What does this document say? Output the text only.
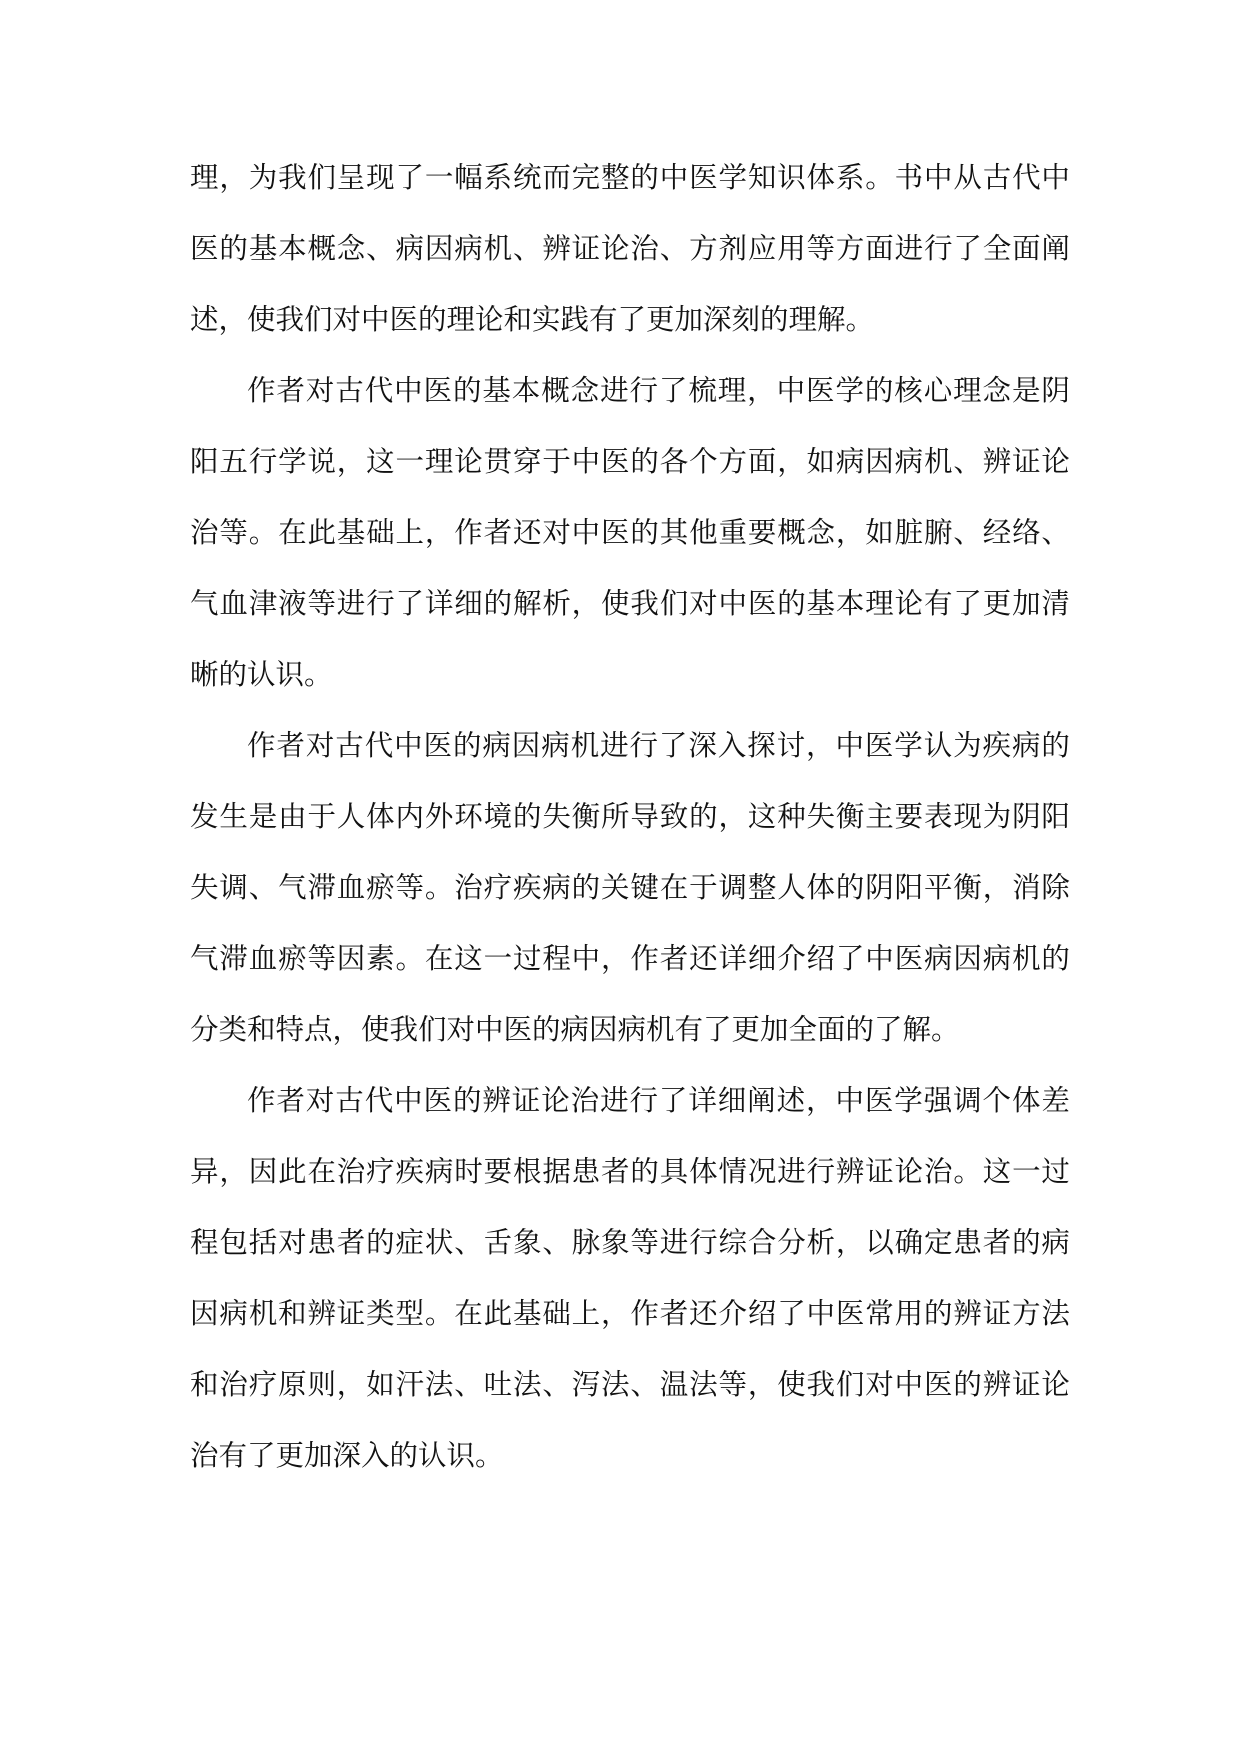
理 ， 为 我 们 呈 现 了 一 幅 系 统 而 完 整 的 中 医 学 知 识 体 系 。 书 中 从 古 代 中
医 的 基 本 概 念 、 病 因 病 机 、 辨 证 论 治 、 方 剂 应 用 等 方 面 进 行 了 全 面 阐
述，使我们对中医的理论和实践有了更加深刻的理解。
作 者 对 古 代 中 医 的 基 本 概 念 进 行 了 梳 理 ， 中 医 学 的 核 心 理 念 是 阴
阳 五 行 学 说 ， 这 一 理 论 贯 穿 于 中 医 的 各 个 方 面 ， 如 病 因 病 机 、 辨 证 论
治 等 。 在 此 基 础 上 ， 作 者 还 对 中 医 的 其 他 重 要 概 念 ， 如 脏 腑 、 经 络 、
气 血 津 液 等 进 行 了 详 细 的 解 析 ， 使 我 们 对 中 医 的 基 本 理 论 有 了 更 加 清
晰的认识。
作 者 对 古 代 中 医 的 病 因 病 机 进 行 了 深 入 探 讨 ， 中 医 学 认 为 疾 病 的
发 生 是 由 于 人 体 内 外 环 境 的 失 衡 所 导 致 的 ， 这 种 失 衡 主 要 表 现 为 阴 阳
失 调 、 气 滞 血 瘀 等 。 治 疗 疾 病 的 关 键 在 于 调 整 人 体 的 阴 阳 平 衡 ， 消 除
气 滞 血 瘀 等 因 素 。 在 这 一 过 程 中 ， 作 者 还 详 细 介 绍 了 中 医 病 因 病 机 的
分类和特点，使我们对中医的病因病机有了更加全面的了解。
作 者 对 古 代 中 医 的 辨 证 论 治 进 行 了 详 细 阐 述 ， 中 医 学 强 调 个 体 差
异 ， 因 此 在 治 疗 疾 病 时 要 根 据 患 者 的 具 体 情 况 进 行 辨 证 论 治 。 这 一 过
程 包 括 对 患 者 的 症 状 、 舌 象 、 脉 象 等 进 行 综 合 分 析 ， 以 确 定 患 者 的 病
因 病 机 和 辨 证 类 型 。 在 此 基 础 上 ， 作 者 还 介 绍 了 中 医 常 用 的 辨 证 方 法
和 治 疗 原 则 ， 如 汗 法 、 吐 法 、 泻 法 、 温 法 等 ， 使 我 们 对 中 医 的 辨 证 论
治有了更加深入的认识。
